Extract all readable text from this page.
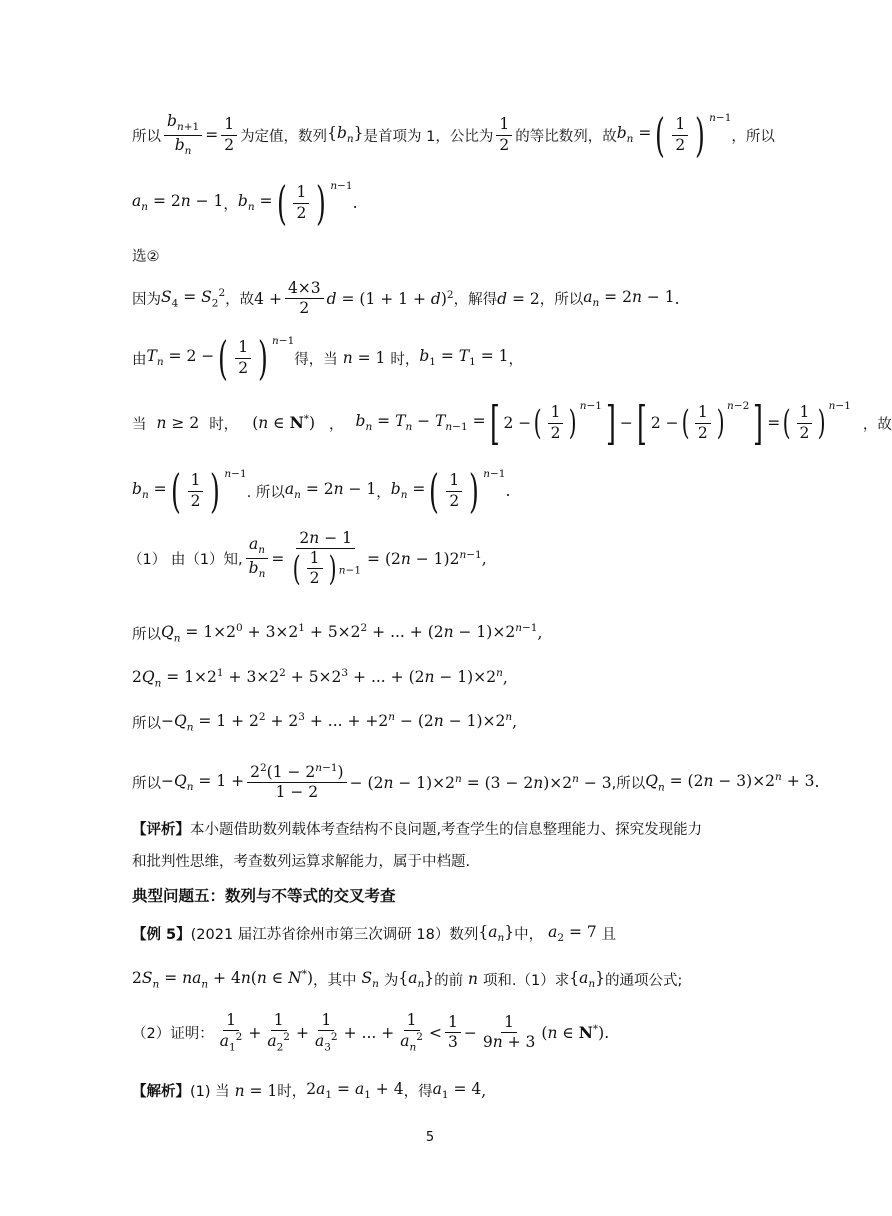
所以 $\frac{b_{n+1}}{b_n} = \frac{1}{2}$ 为定值，数列 $\{b_n\}$ 是首项为 1，公比为 $\frac{1}{2}$ 的等比数列，故 $b_n$ = ( $\frac{1}{2}$ ) $^{n-1}$
，所以
$a_n = 2n - 1$ ， $b_n$ = ( $\frac{1}{2}$ ) $^{n-1}$
.
选②
因为 $S_4 = S_2^2$ ，故 $4 + \frac{4\times 3}{2}$ $d = (1 + 1 + d)^2$ ，解得 d = 2 ，所以 $a_n = 2n - 1$ .
由 $T_n = 2$ − ( $\frac{1}{2}$ ) $^{n-1}$
得，当 n = 1 时， $b_1 = T_1 = 1$ ，
当 n ≥ 2 时， (n ∈ N*) ， $b_n = T_n - T_{n-1}$ = [ 2 − ( $\frac{1}{2}$ ) $^{n-1}$ ] − [ 2 − ( $\frac{1}{2}$ ) $^{n-2}$ ] = ( $\frac{1}{2}$ ) $^{n-1}$
，故
$b_n$ = ( $\frac{1}{2}$ ) $^{n-1}$
. 所以 $a_n = 2n - 1$ ， $b_n$ = ( $\frac{1}{2}$ ) $^{n-1}$
.
（1） 由（1）知, $\frac{a_n}{b_n} = \frac{2n - 1}{( \frac{1}{2} ) ^{n-1}} = (2n - 1)2^{n-1}$ ,
所以 $Q_n = 1\times 2^0 + 3\times 2^1 + 5\times 2^2$ + ... + $(2n - 1)\times 2^{n-1}$ ,
$2Q_n = 1\times 2^1 + 3\times 2^2 + 5\times 2^3$ + ... + $(2n - 1)\times 2^n$ ,
所以 $-Q_n = 1 + 2^2 + 2^3$ + ... + $+2^n - (2n - 1)\times 2^n$ ,
所以 $-Q_n = 1 + \frac{2^2(1 - 2^{n-1})}{1 - 2} - (2n - 1)\times 2^n = (3 - 2n)\times 2^n - 3$ ,所以 $Q_n = (2n - 3)\times 2^n + 3$ .
【评析】 本小题借助数列载体考查结构不良问题,考查学生的信息整理能力、探究发现能力
和批判性思维，考查数列运算求解能力，属于中档题.
典型问题五：数列与不等式的交叉考查
【例 5】 (2021 届江苏省徐州市第三次调研 18）数列 $\{a_n\}$ 中， $a_2 = 7$ 且
$2S_n = na_n + 4n(n$ ∈ N*) ，其中 $S_n$ 为 $\{a_n\}$ 的前 n 项和.（1）求 $\{a_n\}$ 的通项公式;
（2）证明： $\frac{1}{a_1^2} + \frac{1}{a_2^2} + \frac{1}{a_3^2}$ + ... + $\frac{1}{a_n^2} < \frac{1}{3} - \frac{1}{9n + 3} (n$ ∈ N*) .
【解析】 (1) 当 n = 1 时， $2a_1 = a_1 + 4$ ，得 $a_1 = 4$ ,
5
